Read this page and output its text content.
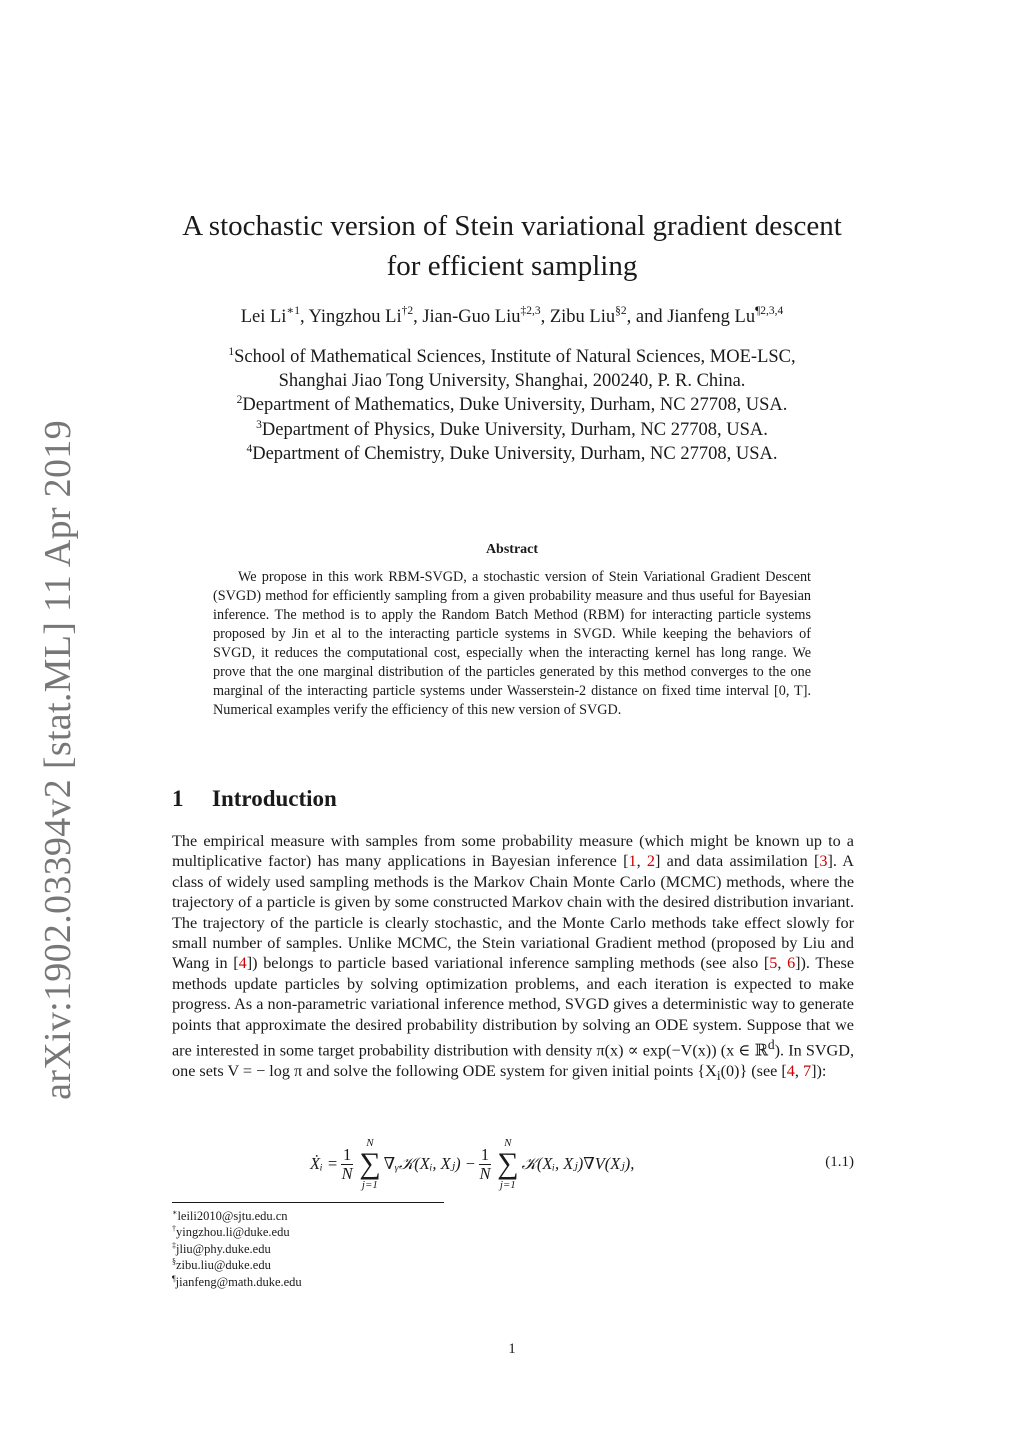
arXiv:1902.03394v2 [stat.ML] 11 Apr 2019
A stochastic version of Stein variational gradient descent
for efficient sampling
Lei $Li^{∗1}$, Yingzhou Li$^{\dagger 2}$, Jian-Guo Liu$^{\ddagger 2,3}$, Zibu Liu$^{\S 2}$, and Jianfeng Lu$^{\P 2,3,4}$
$^1$School of Mathematical Sciences, Institute of Natural Sciences, MOE-LSC,
Shanghai Jiao Tong University, Shanghai, 200240, P. R. China.
$^2$Department of Mathematics, Duke University, Durham, NC 27708, USA.
$^3$Department of Physics, Duke University, Durham, NC 27708, USA.
$^4$Department of Chemistry, Duke University, Durham, NC 27708, USA.
Abstract

We propose in this work RBM-SVGD, a stochastic version of Stein Variational Gradient Descent (SVGD) method for efficiently sampling from a given probability measure and thus useful for Bayesian inference. The method is to apply the Random Batch Method (RBM) for interacting particle systems proposed by Jin et al to the interacting particle systems in SVGD. While keeping the behaviors of SVGD, it reduces the computational cost, especially when the interacting kernel has long range. We prove that the one marginal distribution of the particles generated by this method converges to the one marginal of the interacting particle systems under Wasserstein-2 distance on fixed time interval [0, T]. Numerical examples verify the efficiency of this new version of SVGD.

1 Introduction

The empirical measure with samples from some probability measure (which might be known up to a multiplicative factor) has many applications in Bayesian inference [1, 2] and data assimilation [3]. A class of widely used sampling methods is the Markov Chain Monte Carlo (MCMC) methods, where the trajectory of a particle is given by some constructed Markov chain with the desired distribution invariant. The trajectory of the particle is clearly stochastic, and the Monte Carlo methods take effect slowly for small number of samples. Unlike MCMC, the Stein variational Gradient method (proposed by Liu and Wang in [4]) belongs to particle based variational inference sampling methods (see also [5, 6]). These methods update particles by solving optimization problems, and each iteration is expected to make progress. As a non-parametric variational inference method, SVGD gives a deterministic way to generate points that approximate the desired probability distribution by solving an ODE system. Suppose that we are interested in some target probability distribution with density π(x) ∝ exp(−V(x)) (x ∈ ℝ$^d$). In SVGD, one sets V = − log π and solve the following ODE system for given initial points $\{X_i(0)\}$ (see [4, 7]):

Ẋᵢ = $\frac{1}{N}$
N
∑
j=1
∇ᵧ𝒦(Xᵢ, Xⱼ) − $\frac{1}{N}$
N
∑
j=1
𝒦(Xᵢ, Xⱼ)∇V(Xⱼ),	(1.1)
∗leili2010@sjtu.edu.cn
†yingzhou.li@duke.edu
‡jliu@phy.duke.edu
§zibu.liu@duke.edu
¶jianfeng@math.duke.edu
1
